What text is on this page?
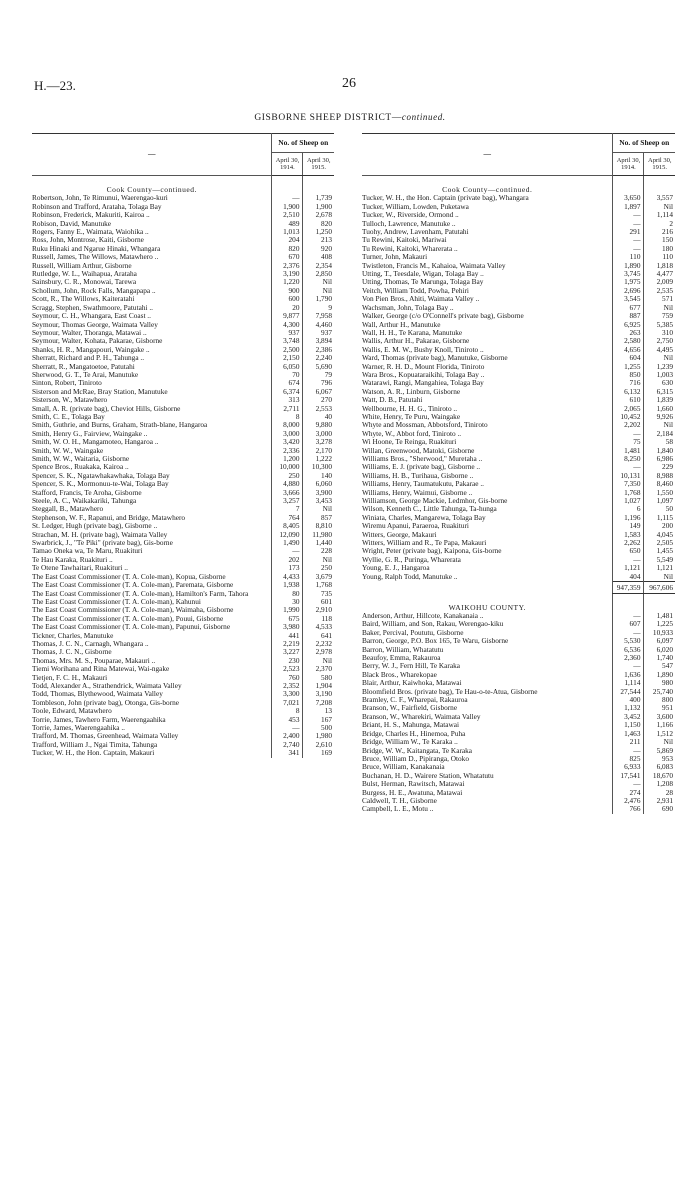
H.—23.	26
GISBORNE SHEEP DISTRICT—continued.
—	No. of Sheep on	
	April 30, 1914.	April 30, 1915.
Cook County—continued.		
Robertson, John, Te Rimunui, Waerengao-kuri	—	1,739
Robinson and Trafford, Arataha, Tolaga Bay	1,900	1,900
Robinson, Frederick, Makuriti, Kairoa ..	2,510	2,678
Robison, David, Manutuke	489	820
Rogers, Fanny E., Waimata, Waiohika ..	1,013	1,250
Ross, John, Montrose, Kaiti, Gisborne	204	213
Ruku Hinaki and Ngarue Hinaki, Whangara	820	920
Russell, James, The Willows, Matawhero ..	670	408
Russell, William Arthur, Gisborne	2,376	2,354
Rutledge, W. L., Waihapua, Arataha	3,190	2,850
Sainsbury, C. R., Monowai, Tarewa	1,220	Nil
Schollum, John, Rock Falls, Mangapapa ..	900	Nil
Scott, R., The Willows, Kaiteratahi	600	1,790
Scragg, Stephen, Swathmoore, Patutahi ..	20	9
Seymour, C. H., Whangara, East Coast ..	9,877	7,958
Seymour, Thomas George, Waimata Valley	4,300	4,460
Seymour, Walter, Thoranga, Matawai ..	937	937
Seymour, Walter, Kohata, Pakarae, Gisborne	3,748	3,894
Shanks, H. R., Mangapouri, Waingake ..	2,500	2,386
Sherratt, Richard and P. H., Tahunga ..	2,150	2,240
Sherratt, R., Mangatoetoe, Patutahi	6,050	5,690
Sherwood, G. T., Te Arai, Manutuke	70	79
Sinton, Robert, Tiniroto	674	796
Sisterson and McRae, Bray Station, Manutuke	6,374	6,067
Sisterson, W., Matawhero	313	270
Small, A. R. (private bag), Cheviot Hills, Gisborne	2,711	2,553
Smith, C. E., Tolaga Bay	8	40
Smith, Guthrie, and Burns, Graham, Strath-blane, Hangaroa	8,000	9,880
Smith, Henry G., Fairview, Waingake ..	3,000	3,000
Smith, W. O. H., Mangamoteo, Hangaroa ..	3,420	3,278
Smith, W. W., Waingake	2,336	2,170
Smith, W. W., Waitaria, Gisborne	1,200	1,222
Spence Bros., Ruakaka, Kairoa ..	10,000	10,300
Spencer, S. K., Ngatawhakawhaka, Tolaga Bay	250	140
Spencer, S. K., Mormonuu-te-Wai, Tolaga Bay	4,880	6,060
Stafford, Francis, Te Aroha, Gisborne	3,666	3,900
Steele, A. C., Waikakariki, Tahunga	3,257	3,453
Steggall, B., Matawhero	7	Nil
Stephenson, W. F., Rapanui, and Bridge, Matawhero	764	857
St. Ledger, Hugh (private bag), Gisborne ..	8,405	8,810
Strachan, M. H. (private bag), Waimata Valley	12,090	11,980
Swarbrick, J., "Te Piki" (private bag), Gis-borne	1,490	1,440
Tamao Oneka wa, Te Maru, Ruakituri	—	228
Te Hau Karaka, Ruakituri ..	202	Nil
Te Otene Tawhaitari, Ruakituri ..	173	250
The East Coast Commissioner (T. A. Cole-man), Kopua, Gisborne	4,433	3,679
The East Coast Commissioner (T. A. Cole-man), Paremata, Gisborne	1,938	1,768
The East Coast Commissioner (T. A. Cole-man), Hamilton's Farm, Tahora	80	735
The East Coast Commissioner (T. A. Cole-man), Kahunui	30	601
The East Coast Commissioner (T. A. Cole-man), Waimaha, Gisborne	1,990	2,910
The East Coast Commissioner (T. A. Cole-man), Pouui, Gisborne	675	118
The East Coast Commissioner (T. A. Cole-man), Papunui, Gisborne	3,980	4,533
Tickner, Charles, Manutuke	441	641
Thomas, J. C. N., Carnagh, Whangara ..	2,219	2,232
Thomas, J. C. N., Gisborne	3,227	2,978
Thomas, Mrs. M. S., Pouparae, Makauri ..	230	Nil
Tiemi Worihana and Rina Matewai, Wai-ngake	2,523	2,370
Tietjen, F. C. H., Makauri	760	580
Todd, Alexander A., Strathendrick, Waimata Valley	2,352	1,904
Todd, Thomas, Blythewood, Waimata Valley	3,300	3,190
Tombleson, John (private bag), Otonga, Gis-borne	7,021	7,208
Toole, Edward, Matawhero	8	13
Torrie, James, Tawhero Farm, Waerengaahika	453	167
Torrie, James, Waerengaahika ..	—	500
Trafford, M. Thomas, Greenhead, Waimata Valley	2,400	1,980
Trafford, William J., Ngai Timita, Tahunga	2,740	2,610
Tucker, W. H., the Hon. Captain, Makauri	341	169
—	No. of Sheep on	
	April 30, 1914.	April 30, 1915.
Cook County—continued.		
Tucker, W. H., the Hon. Captain (private bag), Whangara	3,650	3,557
Tucker, William, Lowden, Puketawa	1,897	Nil
Tucker, W., Riverside, Ormond ..	—	1,114
Tulloch, Lawrence, Manutuke ..	—	2
Tuohy, Andrew, Lavenham, Patutahi	291	216
Tu Rewini, Kaitoki, Mariwai	—	150
Tu Rewini, Kaitoki, Wharerata ..	—	180
Turner, John, Makauri	110	110
Twistleton, Francis M., Kahaioa, Waimata Valley	1,890	1,818
Utting, T., Teesdale, Wigan, Tolaga Bay ..	3,745	4,477
Utting, Thomas, Te Marunga, Tolaga Bay	1,975	2,009
Veitch, William Todd, Powha, Pehiri	2,696	2,535
Von Pien Bros., Ahiti, Waimata Valley ..	3,545	571
Wachsman, John, Tolaga Bay ..	677	Nil
Walker, George (c/o O'Connell's private bag), Gisborne	887	759
Wall, Arthur H., Manutuke	6,925	5,385
Wall, H. H., Te Karana, Manutuke	263	310
Wallis, Arthur H., Pakarae, Gisborne	2,580	2,750
Wallis, E. M. W., Bushy Knoll, Tiniroto ..	4,656	4,495
Ward, Thomas (private bag), Manutuke, Gisborne	604	Nil
Warner, R. H. D., Mount Florida, Tiniroto	1,255	1,239
Wara Bros., Kopuataraikihi, Tolaga Bay ..	850	1,003
Watarawi, Rangi, Mangahiea, Tolaga Bay	716	630
Watson, A. R., Linburn, Gisborne	6,132	6,315
Watt, D. B., Patutahi	610	1,839
Wellbourne, H. H. G., Tiniroto ..	2,065	1,660
White, Henry, Te Puru, Waingake	10,452	9,926
Whyte and Mossman, Abbotsford, Tiniroto	2,202	Nil
Whyte, W., Abbot ford, Tiniroto ..	—	2,184
Wi Hoone, Te Reinga, Ruakituri	75	58
Willan, Greenwood, Matoki, Gisborne	1,481	1,840
Williams Bros., "Sherwood," Muretaha ..	8,250	6,986
Williams, E. J. (private bag), Gisborne ..	—	229
Williams, H. B., Turihaua, Gisborne ..	10,131	8,988
Williams, Henry, Taumatukutu, Pakarae ..	7,350	8,460
Williams, Henry, Waimui, Gisborne ..	1,768	1,550
Williamson, George Mackie, Ledmhor, Gis-borne	1,027	1,097
Wilson, Kenneth C., Little Tahunga, Ta-hunga	6	50
Winiata, Charles, Mangarewa, Tolaga Bay	1,196	1,115
Wiremu Apanui, Paraeroa, Ruakituri	149	200
Witters, George, Makauri	1,583	4,045
Witters, William and R., Te Papa, Makauri	2,262	2,505
Wright, Peter (private bag), Kaipona, Gis-borne	650	1,455
Wyllie, G. R., Puringa, Wharerata	—	5,549
Young, E. J., Hangaroa	1,121	1,121
Young, Ralph Todd, Manutuke ..	404	Nil
	947,359	967,606
WAIKOHU COUNTY.		
Anderson, Arthur, Hillcote, Kanakanaia ..	—	1,481
Baird, William, and Son, Rakau, Werengao-kiku	607	1,225
Baker, Percival, Poututu, Gisborne	—	10,933
Barron, George, P.O. Box 165, Te Waru, Gisborne	5,530	6,097
Barron, William, Whatatutu	6,536	6,020
Beaufoy, Emma, Rakauroa	2,360	1,740
Berry, W. J., Fern Hill, Te Karaka	—	547
Black Bros., Wharekopae	1,636	1,890
Blair, Arthur, Kaiwhoka, Matawai	1,114	980
Bloomfield Bros. (private bag), Te Hau-o-te-Atua, Gisborne	27,544	25,740
Bramley, C. F., Wharepai, Rakauroa	400	800
Branson, W., Fairfield, Gisborne	1,132	951
Branson, W., Wharekiri, Waimata Valley	3,452	3,600
Briant, H. S., Mahunga, Matawai	1,150	1,166
Bridge, Charles H., Hinemoa, Puha	1,463	1,512
Bridge, William W., Te Karaka ..	211	Nil
Bridge, W. W., Kaitangata, Te Karaka	—	5,869
Bruce, William D., Pipiranga, Otoko	825	953
Bruce, William, Kanakanaia	6,933	6,083
Buchanan, H. D., Wairere Station, Whatatutu	17,541	18,670
Bulst, Herman, Rawitsch, Matawai	—	1,208
Burgess, H. E., Awatuna, Matawai	274	28
Caldwell, T. H., Gisborne	2,476	2,931
Campbell, L. E., Motu ..	766	690
